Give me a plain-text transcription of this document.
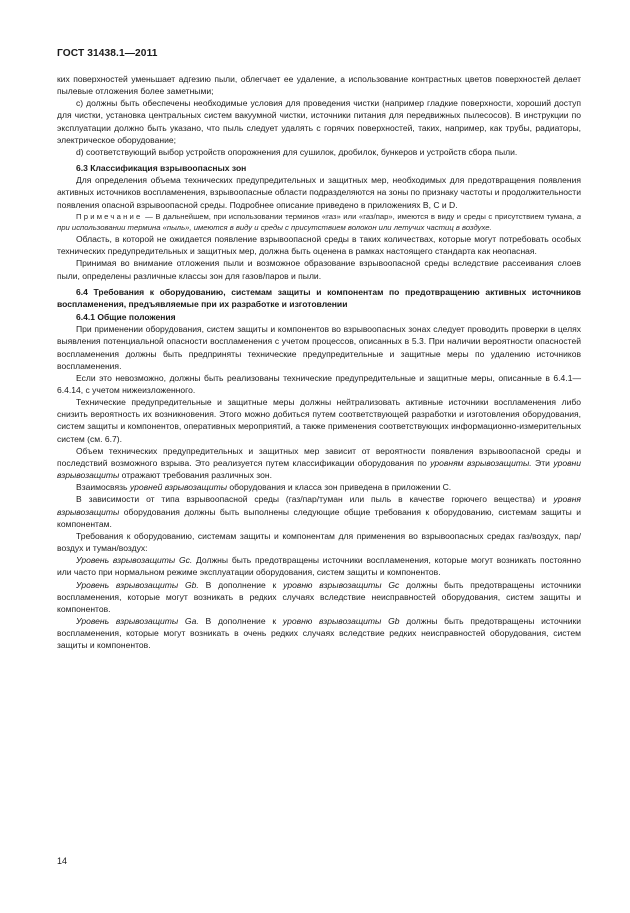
ГОСТ 31438.1—2011

ких поверхностей уменьшает адгезию пыли, облегчает ее удаление, а использование контрастных цветов поверхностей делает пылевые отложения более заметными;

c) должны быть обеспечены необходимые условия для проведения чистки (например гладкие поверхности, хороший доступ для чистки, установка центральных систем вакуумной чистки, источники питания для передвижных пылесосов). В инструкции по эксплуатации должно быть указано, что пыль следует удалять с горячих поверхностей, таких, например, как трубы, радиаторы, электрическое оборудование;

d) соответствующий выбор устройств опорожнения для сушилок, дробилок, бункеров и устройств сбора пыли.

6.3 Классификация взрывоопасных зон

Для определения объема технических предупредительных и защитных мер, необходимых для предотвращения появления активных источников воспламенения, взрывоопасные области подразделяются на зоны по признаку частоты и продолжительности появления опасной взрывоопасной среды. Подробнее описание приведено в приложениях B, C и D.

Примечание — В дальнейшем, при использовании терминов «газ» или «газ/пар», имеются в виду и среды с присутствием тумана, а при использовании термина «пыль», имеются в виду и среды с присутствием волокон или летучих частиц в воздухе.

Область, в которой не ожидается появление взрывоопасной среды в таких количествах, которые могут потребовать особых технических предупредительных и защитных мер, должна быть оценена в рамках настоящего стандарта как неопасная.

Принимая во внимание отложения пыли и возможное образование взрывоопасной среды вследствие рассеивания слоев пыли, определены различные классы зон для газов/паров и пыли.

6.4 Требования к оборудованию, системам защиты и компонентам по предотвращению активных источников воспламенения, предъявляемые при их разработке и изготовлении

6.4.1 Общие положения

При применении оборудования, систем защиты и компонентов во взрывоопасных зонах следует проводить проверки в целях выявления потенциальной опасности воспламенения с учетом процессов, описанных в 5.3. При наличии вероятности опасностей воспламенения должны быть предприняты технические предупредительные и защитные меры по удалению источников воспламенения.

Если это невозможно, должны быть реализованы технические предупредительные и защитные меры, описанные в 6.4.1—6.4.14, с учетом нижеизложенного.

Технические предупредительные и защитные меры должны нейтрализовать активные источники воспламенения либо снизить вероятность их возникновения. Этого можно добиться путем соответствующей разработки и изготовления оборудования, систем защиты и компонентов, оперативных мероприятий, а также применения соответствующих информационно-измерительных систем (см. 6.7).

Объем технических предупредительных и защитных мер зависит от вероятности появления взрывоопасной среды и последствий возможного взрыва. Это реализуется путем классификации оборудования по уровням взрывозащиты. Эти уровни взрывозащиты отражают требования различных зон.

Взаимосвязь уровней взрывозащиты оборудования и класса зон приведена в приложении C.

В зависимости от типа взрывоопасной среды (газ/пар/туман или пыль в качестве горючего вещества) и уровня взрывозащиты оборудования должны быть выполнены следующие общие требования к оборудованию, системам защиты и компонентам.

Требования к оборудованию, системам защиты и компонентам для применения во взрывоопасных средах газ/воздух, пар/воздух и туман/воздух:

Уровень взрывозащиты Gc. Должны быть предотвращены источники воспламенения, которые могут возникать постоянно или часто при нормальном режиме эксплуатации оборудования, систем защиты и компонентов.

Уровень взрывозащиты Gb. В дополнение к уровню взрывозащиты Gc должны быть предотвращены источники воспламенения, которые могут возникать в редких случаях вследствие неисправностей оборудования, систем защиты и компонентов.

Уровень взрывозащиты Ga. В дополнение к уровню взрывозащиты Gb должны быть предотвращены источники воспламенения, которые могут возникать в очень редких случаях вследствие редких неисправностей оборудования, систем защиты и компонентов.

14
